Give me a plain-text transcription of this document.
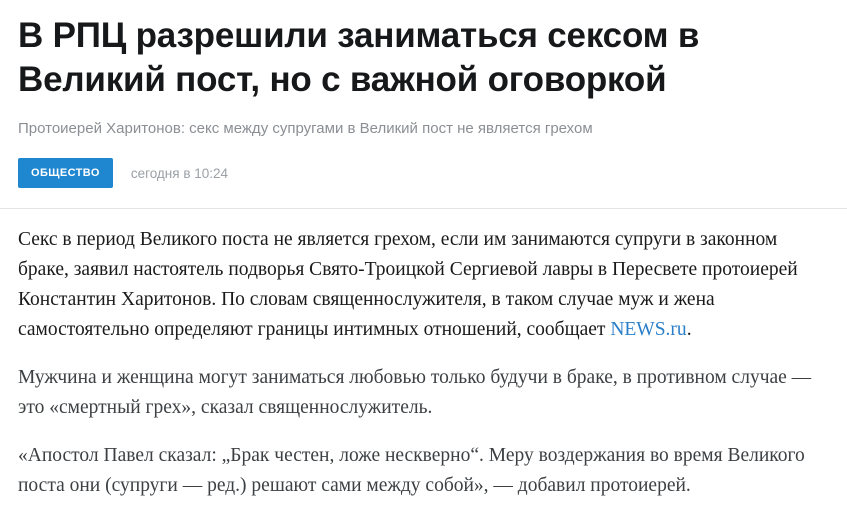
В РПЦ разрешили заниматься сексом в Великий пост, но с важной оговоркой
Протоиерей Харитонов: секс между супругами в Великий пост не является грехом
ОБЩЕСТВО	сегодня в 10:24

Секс в период Великого поста не является грехом, если им занимаются супруги в законном браке, заявил настоятель подворья Свято-Троицкой Сергиевой лавры в Пересвете протоиерей Константин Харитонов. По словам священнослужителя, в таком случае муж и жена самостоятельно определяют границы интимных отношений, сообщает NEWS.ru.

Мужчина и женщина могут заниматься любовью только будучи в браке, в противном случае — это «смертный грех», сказал священнослужитель.

«Апостол Павел сказал: „Брак честен, ложе нескверно“. Меру воздержания во время Великого поста они (супруги — ред.) решают сами между собой», — добавил протоиерей.
